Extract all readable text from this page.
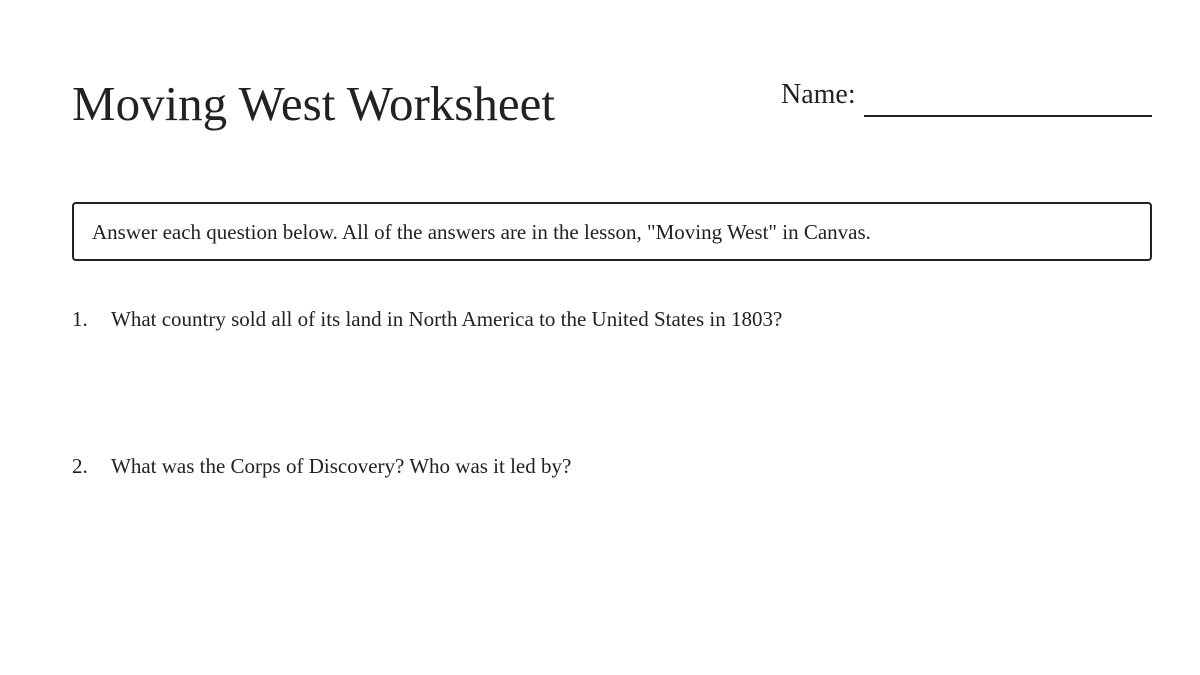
Moving West Worksheet	Name:
Answer each question below. All of the answers are in the lesson, "Moving West" in Canvas.
1. What country sold all of its land in North America to the United States in 1803?
2. What was the Corps of Discovery? Who was it led by?
